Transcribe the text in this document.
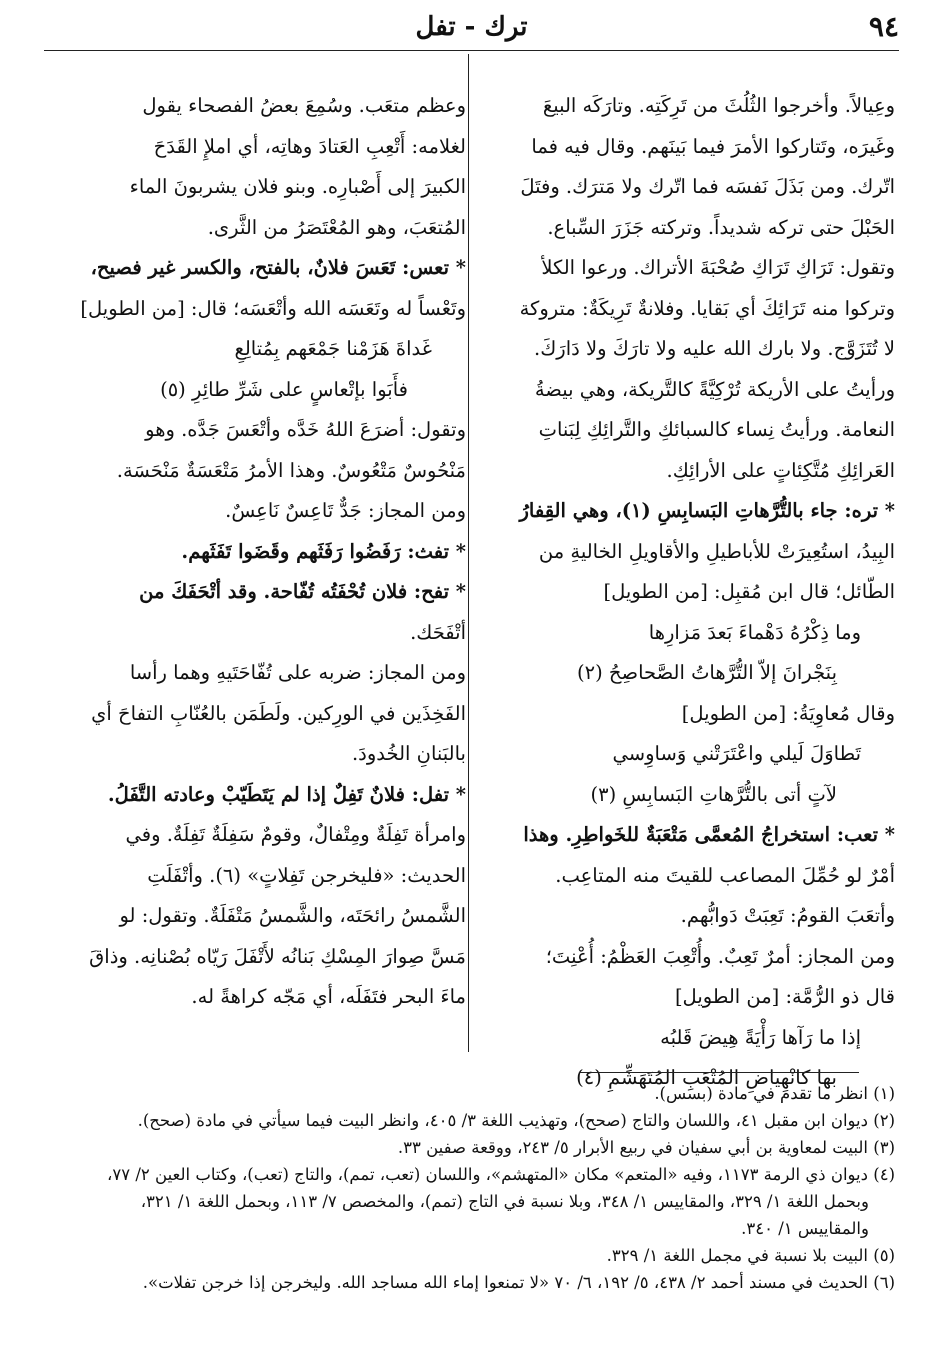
٩٤
ترك - تفل

وعِيالاً. وأخرجوا الثُلُثَ من تَرِكَتِه. وتارَكَه البيعَ

وغَيرَه، وتَتاركوا الأمرَ فيما بَينَهم. وقال فيه فما

اتّرك. ومن بَذَلَ نَفسَه فما اتّرك ولا مَترَك. وفتَلَ

الحَبْلَ حتى تركه شديداً. وتركته جَزَرَ السِّباع.

وتقول: تَرَاكِ تَرَاكِ صُحْبَةَ الأتراك. ورعوا الكلأ

وتركوا منه تَرَائِكَ أي بَقايا. وفلانةٌ تَرِيكَةٌ: متروكة

لا تُتَزَوَّج. ولا بارك الله عليه ولا تارَكَ ولا دَارَكَ.

ورأيتُ على الأريكة تُرْكِيَّةً كالتَّريكة، وهي بيضةُ

النعامة. ورأيتُ نِساء كالسبائكِ والتَّرائِكِ لِبَناتِ

العَرائِكِ مُتَّكِئاتٍ على الأرائِكِ.

* تره: جاء بالتُّرَّهاتِ البَسابِسِ (١)، وهي القِفارُ

البِيدُ، استُعِيرَتْ للأباطيلِ والأقاويلِ الخاليةِ من

الطّائل؛ قال ابن مُقبِل: [من الطويل]

وما ذِكْرُهُ دَهْماءَ بَعدَ مَزارِها

بِنَجْرانَ إلاّ التُّرَّهاتُ الصَّحاصِحُ (٢)

وقال مُعاوِيَةُ: [من الطويل]

تَطاوَلَ لَيلي واعْتَرَتْني وَساوِسي

لآتٍ أتى بالتُّرَّهاتِ البَسابِسِ (٣)

* تعب: استخراجُ المُعمَّى مَتْعَبَةٌ للخَواطِرِ. وهذا

أمْرٌ لو حُمِّلَ المصاعب للقيتَ منه المتاعِب.

وأتعَبَ القومُ: تَعِبَتْ دَوابُّهم.

ومن المجاز: أمرٌ تَعِبٌ. وأُتْعِبَ العَظْمُ: أُعْنِتَ؛

قال ذو الرُّمَّة: [من الطويل]

إذا ما رَآها رَأْيَةً هِيضَ قَلبُه

بها كانْهِياضِ المُتْعَبِ المُتَهَشِّمِ (٤)

وعظم متعَب. وسُمِعَ بعضُ الفصحاء يقول

لغلامه: أَتْعِبِ العَتادَ وهاتِه، أي املإِ القَدَحَ

الكبيرَ إلى أَصْبارِه. وبنو فلان يشربونَ الماء

المُتعَبَ، وهو المُعْتَصَرُ من الثَّرى.

* تعس: تَعَسَ فلانٌ، بالفتح، والكسر غير فصيح،

وتَعْساً له وتَعَسَه الله وأتْعَسَه؛ قال: [من الطويل]

غَداةَ هَزَمْنا جَمْعَهم بِمُتالِعِ

فأَبَوا بإتْعاسٍ على شَرِّ طائِرِ (٥)

وتقول: أضرَعَ اللهُ خَدَّه وأتْعَسَ جَدَّه. وهو

مَنْحُوسٌ مَتْعُوسٌ. وهذا الأمرُ مَتْعَسَةٌ مَنْحَسَة.

ومن المجاز: جَدٌّ تَاعِسٌ نَاعِسٌ.

* تفث: رَفَضُوا رَفَثَهم وقَضَوا تَفَثَهم.

* تفح: فلان تُحْفَتُه تُفّاحة. وقد أتْحَفَكَ من

أتْفَحَك.

ومن المجاز: ضربه على تُفّاحَتَيهِ وهما رأسا

الفَخِذَين في الورِكين. ولَطَمَن بالعُنّابِ التفاحَ أي

بالبَنانِ الخُدودَ.

* تفل: فلانٌ تَفِلٌ إذا لم يَتَطَيّبْ وعادته التَّفَلُ.

وامرأة تَفِلَةٌ ومِتْفالٌ، وقومٌ سَفِلَةٌ تَفِلَةٌ. وفي

الحديث: «فليخرجن تَفِلاتٍ» (٦). وأتْفَلَتِ

الشَّمسُ رائحَتَه، والشَّمسُ مَتْفَلَةٌ. وتقول: لو

مَسَّ صِوارَ المِسْكِ بَنانُه لأَتْفَلَ رَيّاه بُصْنانِه. وذاقَ

ماءَ البحر فتَفَلَه، أي مَجّه كراهةً له.

(١) انظر ما تقدم في مادة (بسس).

(٢) ديوان ابن مقبل ٤١، واللسان والتاج (صحح)، وتهذيب اللغة ٣/ ٤٠٥، وانظر البيت فيما سيأتي في مادة (صحح).

(٣) البيت لمعاوية بن أبي سفيان في ربيع الأبرار ٥/ ٢٤٣، ووقعة صفين ٣٣.

(٤) ديوان ذي الرمة ١١٧٣، وفيه «المتعم» مكان «المتهشم»، واللسان (تعب، تمم)، والتاج (تعب)، وكتاب العين ٢/ ٧٧،

وبحمل اللغة ١/ ٣٢٩، والمقاييس ١/ ٣٤٨، وبلا نسبة في التاج (تمم)، والمخصص ٧/ ١١٣، وبحمل اللغة ١/ ٣٢١،

والمقاييس ١/ ٣٤٠.

(٥) البيت بلا نسبة في مجمل اللغة ١/ ٣٢٩.

(٦) الحديث في مسند أحمد ٢/ ٤٣٨، ٥/ ١٩٢، ٦/ ٧٠ «لا تمنعوا إماء الله مساجد الله. وليخرجن إذا خرجن تفلات».
